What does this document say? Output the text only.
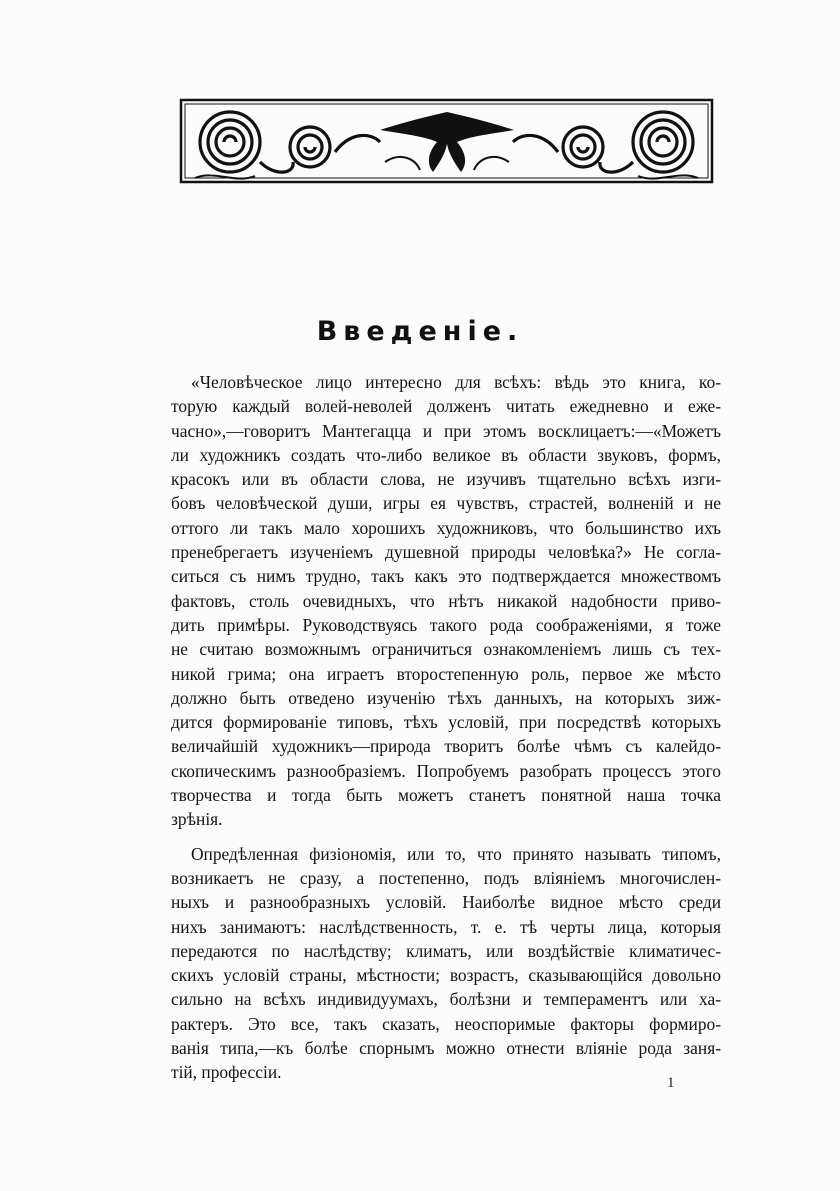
Введенiе.
«Человѣческое лицо интересно для всѣхъ: вѣдь это книга, ко-
торую каждый волей-неволей долженъ читать ежедневно и еже-
часно»,—говоритъ Мантегацца и при этомъ восклицаетъ:—«Можетъ
ли художникъ создать что-либо великое въ области звуковъ, формъ,
красокъ или въ области слова, не изучивъ тщательно всѣхъ изги-
бовъ человѣческой души, игры ея чувствъ, страстей, волненiй и не
оттого ли такъ мало хорошихъ художниковъ, что большинство ихъ
пренебрегаетъ изученiемъ душевной природы человѣка?» Не согла-
ситься съ нимъ трудно, такъ какъ это подтверждается множествомъ
фактовъ, столь очевидныхъ, что нѣтъ никакой надобности приво-
дить примѣры. Руководствуясь такого рода соображенiями, я тоже
не считаю возможнымъ ограничиться ознакомленiемъ лишь съ тех-
никой грима; она играетъ второстепенную роль, первое же мѣсто
должно быть отведено изученiю тѣхъ данныхъ, на которыхъ зиж-
дится формированiе типовъ, тѣхъ условiй, при посредствѣ которыхъ
величайшiй художникъ—природа творитъ болѣе чѣмъ съ калейдо-
скопическимъ разнообразiемъ. Попробуемъ разобрать процессъ этого
творчества и тогда быть можетъ станетъ понятной наша точка
зрѣнiя.
Опредѣленная физiономiя, или то, что принято называть типомъ,
возникаетъ не сразу, а постепенно, подъ влiянiемъ многочислен-
ныхъ и разнообразныхъ условiй. Наиболѣе видное мѣсто среди
нихъ занимаютъ: наслѣдственность, т. е. тѣ черты лица, которыя
передаются по наслѣдству; климатъ, или воздѣйствiе климатичес-
скихъ условiй страны, мѣстности; возрастъ, сказывающiйся довольно
сильно на всѣхъ индивидуумахъ, болѣзни и темпераментъ или ха-
рактеръ. Это все, такъ сказать, неоспоримые факторы формиро-
ванiя типа,—къ болѣе спорнымъ можно отнести влiянiе рода заня-
тiй, профессiи.
1
